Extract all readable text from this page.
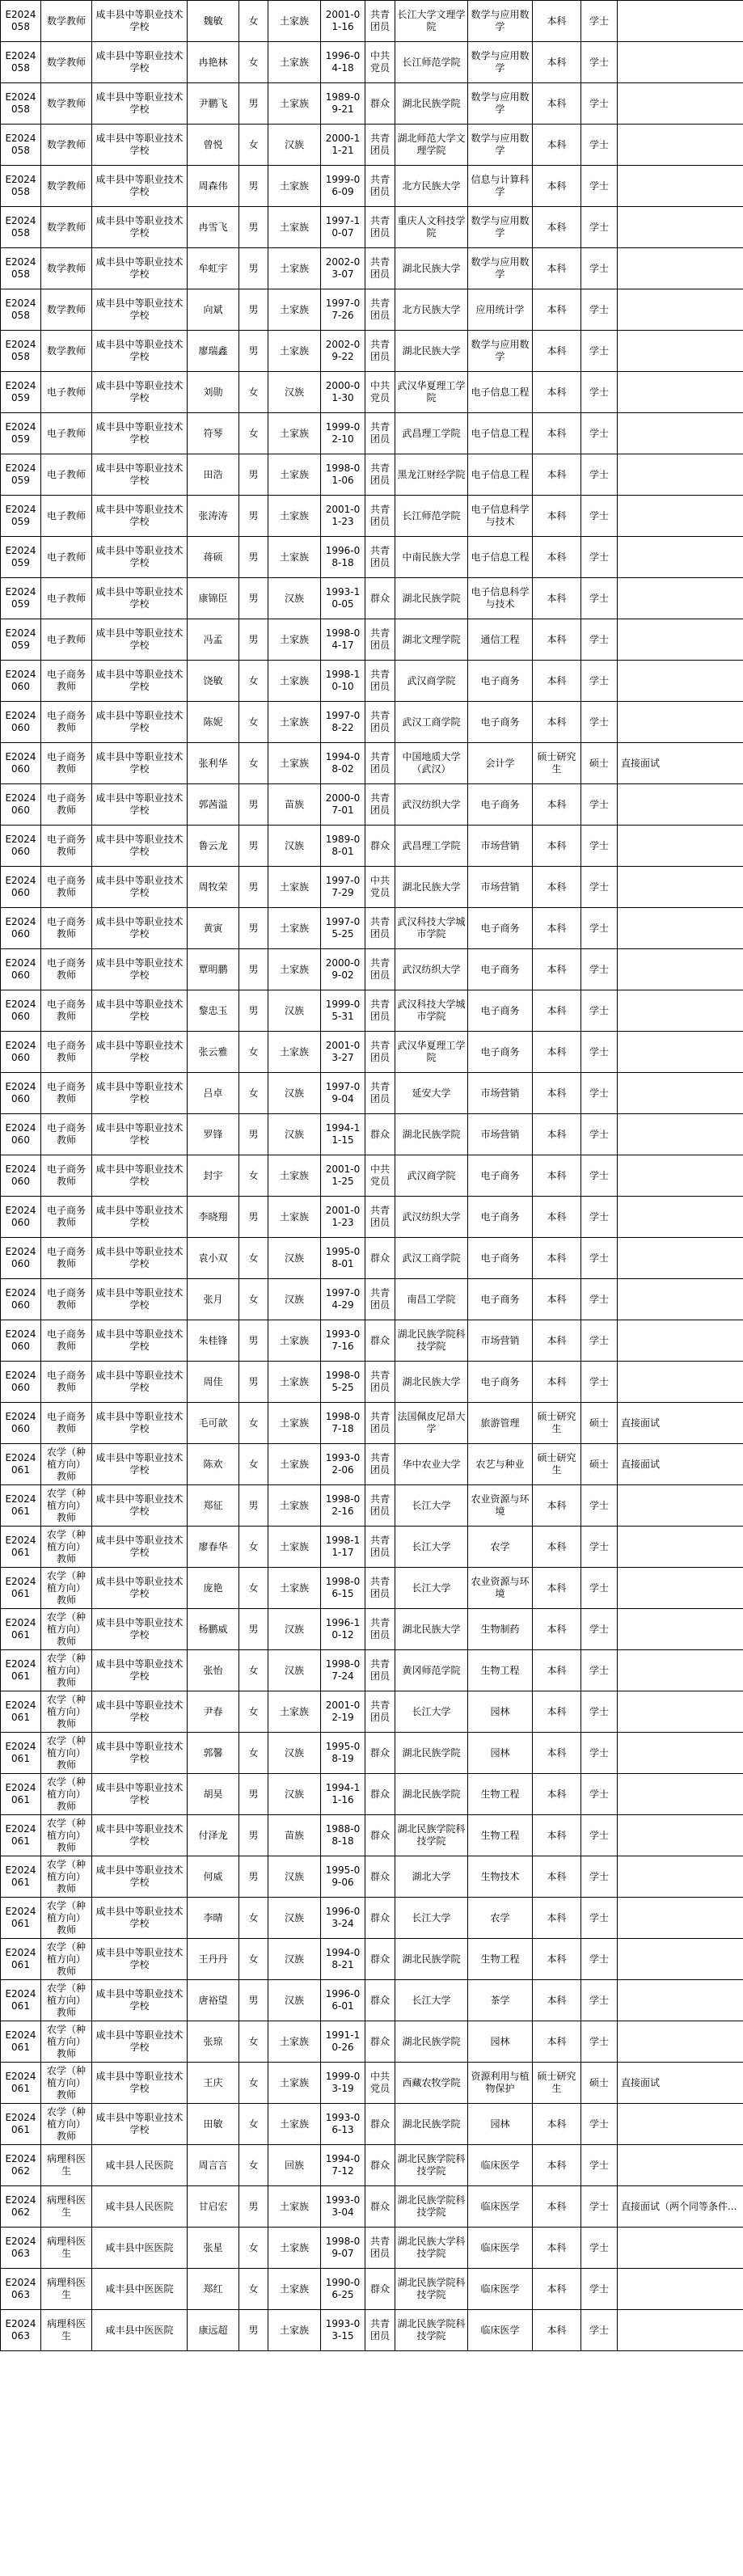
E2024058	数学教师	咸丰县中等职业技术学校	魏敏	女	土家族	2001-01-16	共青团员	长江大学文理学院	数学与应用数学	本科	学士	
E2024058	数学教师	咸丰县中等职业技术学校	冉艳林	女	土家族	1996-04-18	中共党员	长江师范学院	数学与应用数学	本科	学士	
E2024058	数学教师	咸丰县中等职业技术学校	尹鹏飞	男	土家族	1989-09-21	群众	湖北民族学院	数学与应用数学	本科	学士	
E2024058	数学教师	咸丰县中等职业技术学校	曾悦	女	汉族	2000-11-21	共青团员	湖北师范大学文理学院	数学与应用数学	本科	学士	
E2024058	数学教师	咸丰县中等职业技术学校	周森伟	男	土家族	1999-06-09	共青团员	北方民族大学	信息与计算科学	本科	学士	
E2024058	数学教师	咸丰县中等职业技术学校	冉雪飞	男	土家族	1997-10-07	共青团员	重庆人文科技学院	数学与应用数学	本科	学士	
E2024058	数学教师	咸丰县中等职业技术学校	牟虹宇	男	土家族	2002-03-07	共青团员	湖北民族大学	数学与应用数学	本科	学士	
E2024058	数学教师	咸丰县中等职业技术学校	向斌	男	土家族	1997-07-26	共青团员	北方民族大学	应用统计学	本科	学士	
E2024058	数学教师	咸丰县中等职业技术学校	廖瑞鑫	男	土家族	2002-09-22	共青团员	湖北民族大学	数学与应用数学	本科	学士	
E2024059	电子教师	咸丰县中等职业技术学校	刘勋	女	汉族	2000-01-30	中共党员	武汉华夏理工学院	电子信息工程	本科	学士	
E2024059	电子教师	咸丰县中等职业技术学校	符琴	女	土家族	1999-02-10	共青团员	武昌理工学院	电子信息工程	本科	学士	
E2024059	电子教师	咸丰县中等职业技术学校	田浩	男	土家族	1998-01-06	共青团员	黑龙江财经学院	电子信息工程	本科	学士	
E2024059	电子教师	咸丰县中等职业技术学校	张涛涛	男	土家族	2001-01-23	共青团员	长江师范学院	电子信息科学与技术	本科	学士	
E2024059	电子教师	咸丰县中等职业技术学校	蒋硕	男	土家族	1996-08-18	共青团员	中南民族大学	电子信息工程	本科	学士	
E2024059	电子教师	咸丰县中等职业技术学校	康锦臣	男	汉族	1993-10-05	群众	湖北民族学院	电子信息科学与技术	本科	学士	
E2024059	电子教师	咸丰县中等职业技术学校	冯孟	男	土家族	1998-04-17	共青团员	湖北文理学院	通信工程	本科	学士	
E2024060	电子商务教师	咸丰县中等职业技术学校	饶敏	女	土家族	1998-10-10	共青团员	武汉商学院	电子商务	本科	学士	
E2024060	电子商务教师	咸丰县中等职业技术学校	陈妮	女	土家族	1997-08-22	共青团员	武汉工商学院	电子商务	本科	学士	
E2024060	电子商务教师	咸丰县中等职业技术学校	张利华	女	土家族	1994-08-02	共青团员	中国地质大学（武汉）	会计学	硕士研究生	硕士	直接面试
E2024060	电子商务教师	咸丰县中等职业技术学校	郭茜溢	男	苗族	2000-07-01	共青团员	武汉纺织大学	电子商务	本科	学士	
E2024060	电子商务教师	咸丰县中等职业技术学校	鲁云龙	男	汉族	1989-08-01	群众	武昌理工学院	市场营销	本科	学士	
E2024060	电子商务教师	咸丰县中等职业技术学校	周牧荣	男	土家族	1997-07-29	中共党员	湖北民族大学	市场营销	本科	学士	
E2024060	电子商务教师	咸丰县中等职业技术学校	黄寅	男	土家族	1997-05-25	共青团员	武汉科技大学城市学院	电子商务	本科	学士	
E2024060	电子商务教师	咸丰县中等职业技术学校	覃明鹏	男	土家族	2000-09-02	共青团员	武汉纺织大学	电子商务	本科	学士	
E2024060	电子商务教师	咸丰县中等职业技术学校	黎忠玉	男	汉族	1999-05-31	共青团员	武汉科技大学城市学院	电子商务	本科	学士	
E2024060	电子商务教师	咸丰县中等职业技术学校	张云雅	女	土家族	2001-03-27	共青团员	武汉华夏理工学院	电子商务	本科	学士	
E2024060	电子商务教师	咸丰县中等职业技术学校	吕卓	女	汉族	1997-09-04	共青团员	延安大学	市场营销	本科	学士	
E2024060	电子商务教师	咸丰县中等职业技术学校	罗锋	男	汉族	1994-11-15	群众	湖北民族学院	市场营销	本科	学士	
E2024060	电子商务教师	咸丰县中等职业技术学校	封宇	女	土家族	2001-01-25	中共党员	武汉商学院	电子商务	本科	学士	
E2024060	电子商务教师	咸丰县中等职业技术学校	李晓翔	男	土家族	2001-01-23	共青团员	武汉纺织大学	电子商务	本科	学士	
E2024060	电子商务教师	咸丰县中等职业技术学校	袁小双	女	汉族	1995-08-01	群众	武汉工商学院	电子商务	本科	学士	
E2024060	电子商务教师	咸丰县中等职业技术学校	张月	女	汉族	1997-04-29	共青团员	南昌工学院	电子商务	本科	学士	
E2024060	电子商务教师	咸丰县中等职业技术学校	朱桂锋	男	土家族	1993-07-16	群众	湖北民族学院科技学院	市场营销	本科	学士	
E2024060	电子商务教师	咸丰县中等职业技术学校	周佳	男	土家族	1998-05-25	共青团员	湖北民族大学	电子商务	本科	学士	
E2024060	电子商务教师	咸丰县中等职业技术学校	毛可歆	女	土家族	1998-07-18	共青团员	法国佩皮尼昂大学	旅游管理	硕士研究生	硕士	直接面试
E2024061	农学（种植方向）教师	咸丰县中等职业技术学校	陈欢	女	土家族	1993-02-06	共青团员	华中农业大学	农艺与种业	硕士研究生	硕士	直接面试
E2024061	农学（种植方向）教师	咸丰县中等职业技术学校	郑征	男	土家族	1998-02-16	共青团员	长江大学	农业资源与环境	本科	学士	
E2024061	农学（种植方向）教师	咸丰县中等职业技术学校	廖春华	女	土家族	1998-11-17	共青团员	长江大学	农学	本科	学士	
E2024061	农学（种植方向）教师	咸丰县中等职业技术学校	庞艳	女	土家族	1998-06-15	共青团员	长江大学	农业资源与环境	本科	学士	
E2024061	农学（种植方向）教师	咸丰县中等职业技术学校	杨鹏威	男	汉族	1996-10-12	共青团员	湖北民族大学	生物制药	本科	学士	
E2024061	农学（种植方向）教师	咸丰县中等职业技术学校	张怡	女	汉族	1998-07-24	共青团员	黄冈师范学院	生物工程	本科	学士	
E2024061	农学（种植方向）教师	咸丰县中等职业技术学校	尹春	女	土家族	2001-02-19	共青团员	长江大学	园林	本科	学士	
E2024061	农学（种植方向）教师	咸丰县中等职业技术学校	郭馨	女	汉族	1995-08-19	群众	湖北民族学院	园林	本科	学士	
E2024061	农学（种植方向）教师	咸丰县中等职业技术学校	胡昊	男	汉族	1994-11-16	群众	湖北民族学院	生物工程	本科	学士	
E2024061	农学（种植方向）教师	咸丰县中等职业技术学校	付泽龙	男	苗族	1988-08-18	群众	湖北民族学院科技学院	生物工程	本科	学士	
E2024061	农学（种植方向）教师	咸丰县中等职业技术学校	何威	男	汉族	1995-09-06	群众	湖北大学	生物技术	本科	学士	
E2024061	农学（种植方向）教师	咸丰县中等职业技术学校	李晴	女	汉族	1996-03-24	群众	长江大学	农学	本科	学士	
E2024061	农学（种植方向）教师	咸丰县中等职业技术学校	王丹丹	女	汉族	1994-08-21	群众	湖北民族学院	生物工程	本科	学士	
E2024061	农学（种植方向）教师	咸丰县中等职业技术学校	唐裕望	男	汉族	1996-06-01	群众	长江大学	茶学	本科	学士	
E2024061	农学（种植方向）教师	咸丰县中等职业技术学校	张琼	女	土家族	1991-10-26	群众	湖北民族学院	园林	本科	学士	
E2024061	农学（种植方向）教师	咸丰县中等职业技术学校	王庆	女	土家族	1999-03-19	中共党员	西藏农牧学院	资源利用与植物保护	硕士研究生	硕士	直接面试
E2024061	农学（种植方向）教师	咸丰县中等职业技术学校	田敏	女	土家族	1993-06-13	群众	湖北民族学院	园林	本科	学士	
E2024062	病理科医生	咸丰县人民医院	周言言	女	回族	1994-07-12	群众	湖北民族学院科技学院	临床医学	本科	学士	
E2024062	病理科医生	咸丰县人民医院	甘启宏	男	土家族	1993-03-04	群众	湖北民族学院科技学院	临床医学	本科	学士	直接面试（两个同等条件...
E2024063	病理科医生	咸丰县中医医院	张星	女	土家族	1998-09-07	共青团员	湖北民族大学科技学院	临床医学	本科	学士	
E2024063	病理科医生	咸丰县中医医院	郑红	女	土家族	1990-06-25	群众	湖北民族学院科技学院	临床医学	本科	学士	
E2024063	病理科医生	咸丰县中医医院	康远超	男	土家族	1993-03-15	共青团员	湖北民族学院科技学院	临床医学	本科	学士	
